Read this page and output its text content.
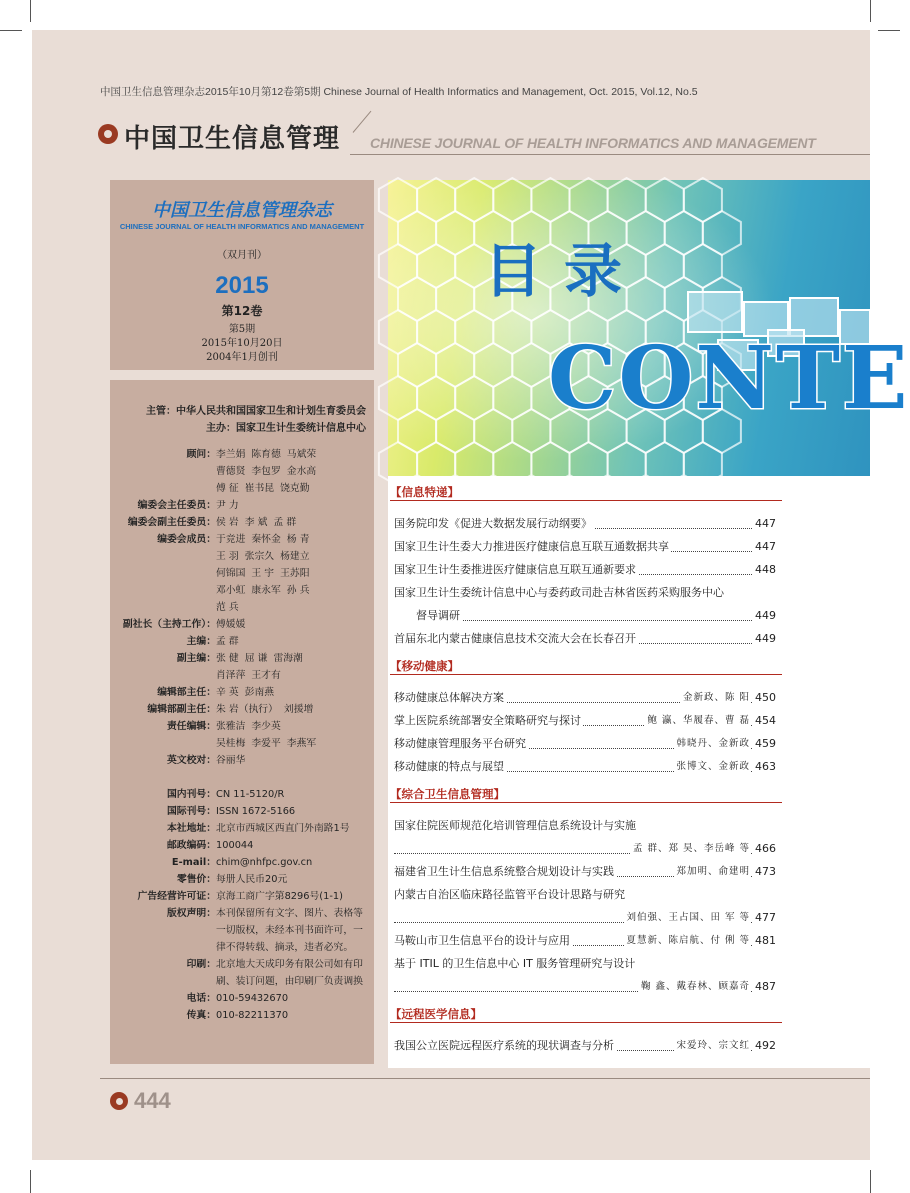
中国卫生信息管理杂志2015年10月第12卷第5期 Chinese Journal of Health Informatics and Management, Oct. 2015, Vol.12, No.5
中国卫生信息管理 CHINESE JOURNAL OF HEALTH INFORMATICS AND MANAGEMENT
中国卫生信息管理杂志
CHINESE JOURNAL OF HEALTH INFORMATICS AND MANAGEMENT
（双月刊）
2015
第12卷
第5期
2015年10月20日
2004年1月创刊
主管：中华人民共和国国家卫生和计划生育委员会
主办：国家卫生计生委统计信息中心
顾问： 李兰娟 陈育德 马斌荣
曹德贤 李包罗 金水高
傅 征 崔书昆 饶克勤
编委会主任委员： 尹 力
编委会副主任委员： 侯 岩 李 斌 孟 群
编委会成员： 于竞进 秦怀金 杨 青
王 羽 张宗久 杨建立
何锦国 王 宇 王苏阳
邓小虹 康永军 孙 兵
范 兵
副社长（主持工作）： 傅媛媛
主编： 孟 群
副主编： 张 健 屈 谦 雷海潮
肖泽萍 王才有
编辑部主任： 辛 英 彭南燕
编辑部副主任： 朱 岩（执行） 刘援增
责任编辑： 张雅洁 李少英
吴桂梅 李爱平 李燕军
英文校对： 谷丽华
国内刊号： CN 11-5120/R
国际刊号： ISSN 1672-5166
本社地址： 北京市西城区西直门外南路1号
邮政编码： 100044
E-mail： chim@nhfpc.gov.cn
零售价： 每册人民币20元
广告经营许可证： 京海工商广字第8296号(1-1)
版权声明： 本刊保留所有文字、图片、表格等一切版权，未经本刊书面许可，一律不得转载、摘录，违者必究。
印刷： 北京地大天成印务有限公司如有印刷、装订问题，由印刷厂负责调换
电话： 010-59432670
传真： 010-82211370
目录
CONTE
【信息特递】
国务院印发《促进大数据发展行动纲要》	447
国家卫生计生委大力推进医疗健康信息互联互通数据共享	447
国家卫生计生委推进医疗健康信息互联互通新要求	448
国家卫生计生委统计信息中心与委药政司赴吉林省医药采购服务中心
督导调研	449
首届东北内蒙古健康信息技术交流大会在长春召开	449
【移动健康】
移动健康总体解决方案	金新政、陈 阳 450
掌上医院系统部署安全策略研究与探讨	鲍 瀛、华履春、曹 磊 454
移动健康管理服务平台研究	韩晓丹、金新政 459
移动健康的特点与展望	张博文、金新政 463
【综合卫生信息管理】
国家住院医师规范化培训管理信息系统设计与实施
孟 群、郑 昊、李岳峰 等 466
福建省卫生计生信息系统整合规划设计与实践	郑加明、俞建明 473
内蒙古自治区临床路径监管平台设计思路与研究
刘伯强、王占国、田 军 等 477
马鞍山市卫生信息平台的设计与应用	夏慧新、陈启航、付 俐 等 481
基于 ITIL 的卫生信息中心 IT 服务管理研究与设计
鞠 鑫、戴春林、顾嘉奇 487
【远程医学信息】
我国公立医院远程医疗系统的现状调查与分析	宋爱玲、宗文红 492
444
